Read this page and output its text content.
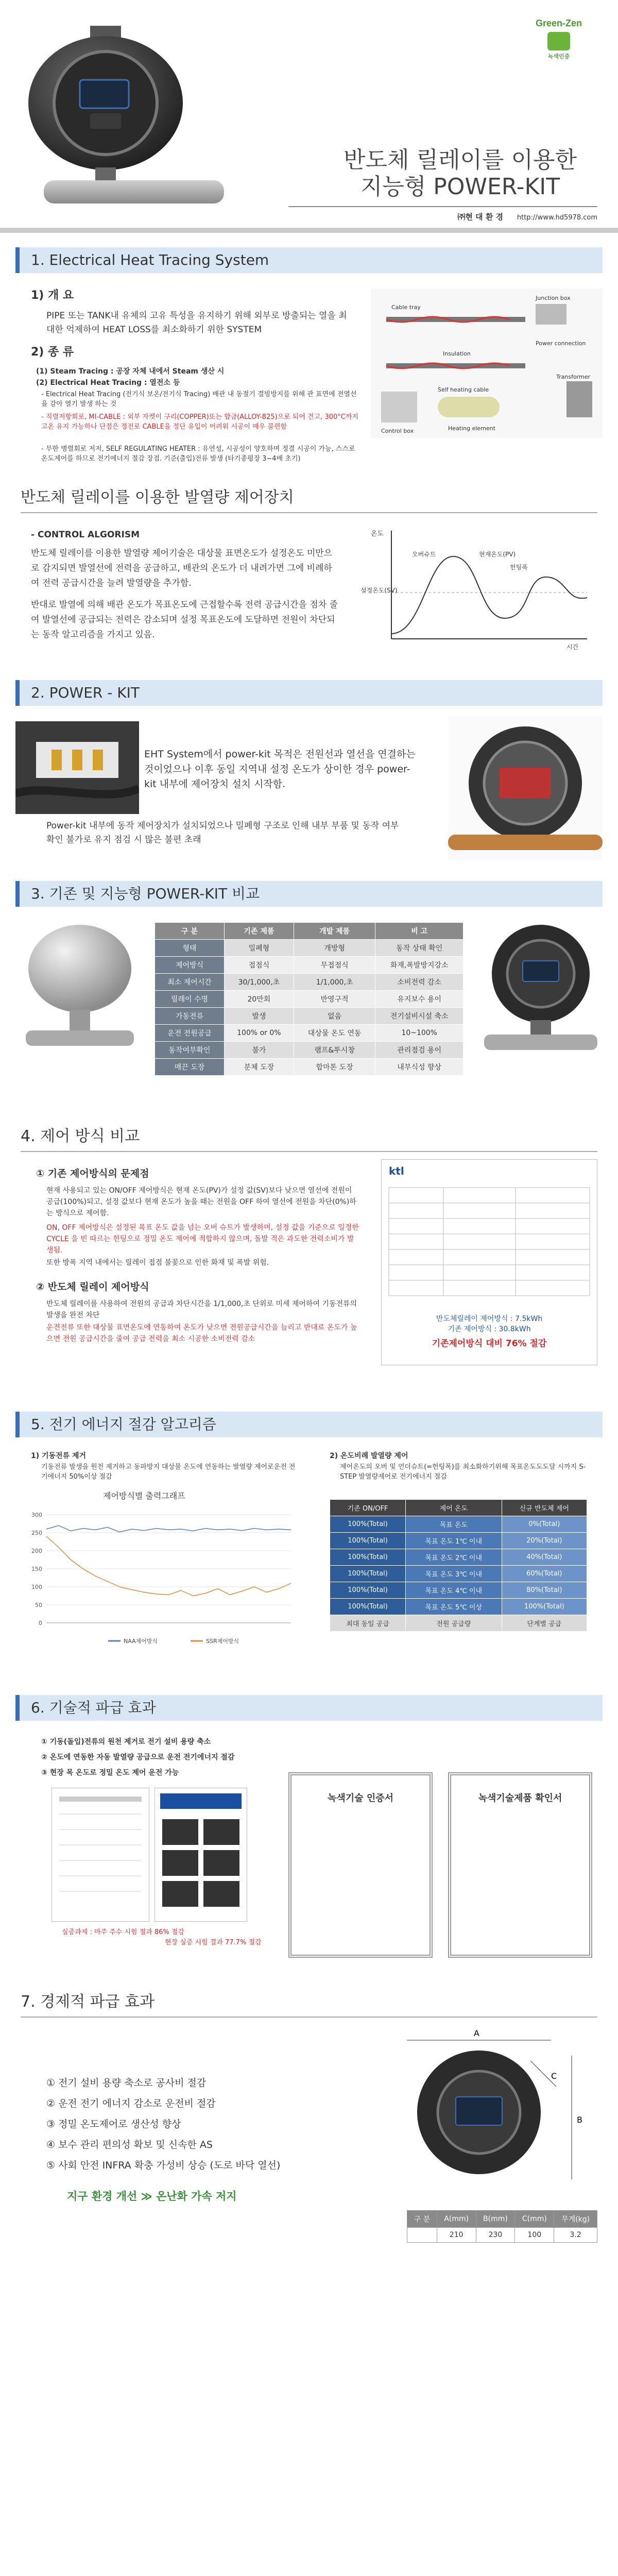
Green-Zen
녹색인증
반도체 릴레이를 이용한
지능형 POWER-KIT
㈜현 대 환 경 http://www.hd5978.com
1. Electrical Heat Tracing System
1) 개 요
PIPE 또는 TANK내 유체의 고유 특성을 유지하기 위해 외부로 방출되는 열을 최대한 억제하여 HEAT LOSS를 최소화하기 위한 SYSTEM
2) 종 류
(1) Steam Tracing : 공장 자체 내에서 Steam 생산 시
(2) Electrical Heat Tracing : 열전소 등
- Electrical Heat Tracing (전기식 보온/전기식 Tracing) 배관 내 동절기 결빙방지를 위해 관 표면에 전열선을 감아 열기 발생 하는 것
- 직렬저항회로, MI-CABLE : 외부 자켓이 구리(COPPER)또는 합금(ALLOY-825)으로 되어 견고, 300°C까지 고온 유지 가능하나 단점은 정전로 CABLE을 정단 유입이 어려워 시공이 매우 불편함
- 무한 병렬회로 저저, SELF REGULATING HEATER : 유연성, 시공성이 양호하며 정결 시공이 가능, 스스로 온도제어를 하므로 전기에너지 절감 장점. 기준(출입)전류 발생 (타기종평장 3~4배 초기)
Cable tray
Junction box
Transformer
Power connection
Self heating cable
Insulation
Control box	Heating element
반도체 릴레이를 이용한 발열량 제어장치
- CONTROL ALGORISM
반도체 릴레이를 이용한 발열량 제어기술은 대상물 표면온도가 설정온도 미만으로 감지되면 발열선에 전력을 공급하고, 배관의 온도가 더 내려가면 그에 비례하여 전력 공급시간을 늘려 발열량을 추가함.
반대로 발열에 의해 배관 온도가 목표온도에 근접할수록 전력 공급시간을 점차 줄여 발열선에 공급되는 전력은 감소되며 설정 목표온도에 도달하면 전원이 차단되는 동작 알고리즘을 가지고 있음.
온도
오버슈트	현재온도(PV)
헌팅폭
설정온도(SV)
시간
2. POWER - KIT
EHT System에서 power-kit 목적은 전원선과 열선을 연결하는 것이었으나 이후 동일 지역내 설정 온도가 상이한 경우 power-kit 내부에 제어장치 설치 시작함.
Power-kit 내부에 동작 제어장치가 설치되었으나 밀폐형 구조로 인해 내부 부품 및 동작 여부확인 불가로 유지 점검 시 많은 불편 초래
3. 기존 및 지능형 POWER-KIT 비교
구 분	기존 제품	개발 제품	비 고
형태	밀폐형	개방형	동작 상태 확인
제어방식	접점식	무접점식	화재,폭발방지강소
최소 제어시간	30/1,000,초	1/1,000,초	소비전력 감소
릴레이 수명	20만회	반영구적	유지보수 용이
가동전류	발생	없음	전기설비시설 축소
운전 전원공급	100% or 0%	대상물 온도 연동	10~100%
동작여부확인	불가	램프&투시창	관리점검 용이
매끈 도장	분체 도장	합마톤 도장	내부식성 향상
4. 제어 방식 비교
① 기존 제어방식의 문제점
현재 사용되고 있는 ON/OFF 제어방식은 현재 온도(PV)가 설정 값(SV)보다 낮으면 열선에 전원이 공급(100%)되고, 설정 값보다 현재 온도가 높을 때는 전원을 OFF 하여 열선에 전원을 차단(0%)하는 방식으로 제어함.
ON, OFF 제어방식은 설정된 목표 온도 값을 넘는 오버 슈트가 발생하며, 설정 값을 기준으로 일정한 CYCLE 을 빈 따르는 헌팅으로 정밀 온도 제어에 적합하지 않으며, 돌발 적은 과도한 전력소비가 발생됨.
또한 방폭 지역 내에서는 릴레이 접점 불꽃으로 인한 화재 및 폭발 위험.
② 반도체 릴레이 제어방식
반도체 릴레이를 사용하여 전원의 공급과 차단시간을 1/1,000,초 단위로 미세 제어하여 기동전류의 발생을 완전 차단
운전전류 또한 대상물 표면온도에 연동하여 온도가 낮으면 전원공급시간을 늘리고 반대로 온도가 높으면 전원 공급시간을 줄여 공급 전력을 최소 시공한 소비전력 감소
ktl
반도체릴레이 제어방식 : 7.5kWh
기존 제어방식 : 30.8kWh
기존제어방식 대비 76% 절감
5. 전기 에너지 절감 알고리즘
1) 기동전류 제거
기동전류 발생을 원천 제거하고 동파방지 대상물 온도에 연동하는 발열량 제어로운전 전기에너지 50%이상 절감
2) 온도비례 발열량 제어
제어온도의 오버 및 언더슈트(=헌팅폭)를 최소화하기위해 목표온도도도달 시까지 S-STEP 발열량제어로 전기에너지 절감
제어방식별 출력그래프
0
50
100
150
200
250
300
NAA제어방식	SSR제어방식
기존 ON/OFF	제어 온도	신규 반도체 제어
100%(Total)	목표 온도	0%(Total)
100%(Total)	목표 온도 1℃ 이내	20%(Total)
100%(Total)	목표 온도 2℃ 이내	40%(Total)
100%(Total)	목표 온도 3℃ 이내	60%(Total)
100%(Total)	목표 온도 4℃ 이내	80%(Total)
100%(Total)	목표 온도 5℃ 이상	100%(Total)
최대 동일 공급	전원 공급량	단계별 공급
6. 기술적 파급 효과
① 기동(돌입)전류의 원천 제거로 전기 설비 용량 축소
② 온도에 연동한 자동 발열량 공급으로 운전 전기에너지 절감
③ 현장 목 온도로 정밀 온도 제어 운전 가능
실증과제 : 마주 주수 시험 절과 86% 절감
현장 실증 시험 결과 77.7% 절감
녹색기술 인증서	녹색기술제품 확인서
7. 경제적 파급 효과
① 전기 설비 용량 축소로 공사비 절감
② 운전 전기 에너지 감소로 운전비 절감
③ 정밀 온도제어로 생산성 향상
④ 보수 관리 편의성 확보 및 신속한 AS
⑤ 사회 안전 INFRA 확충 가성비 상승 (도로 바닥 열선)
지구 환경 개선 ≫ 온난화 가속 저지
A
B
C
구 분	A(mm)	B(mm)	C(mm)	무게(kg)
	210	230	100	3.2
